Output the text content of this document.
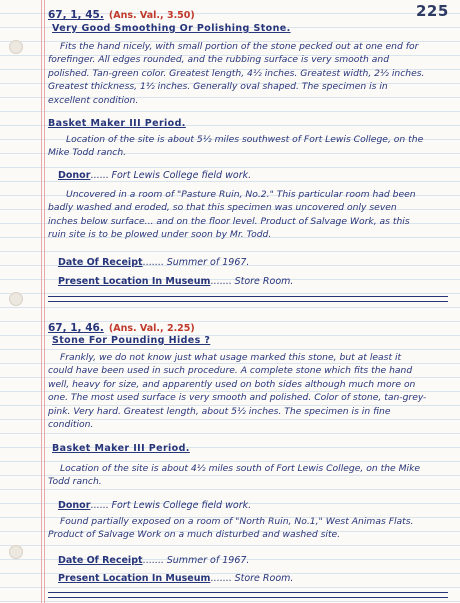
225
67, 1, 45. (Ans. Val., 3.50)
Very Good Smoothing Or Polishing Stone.
Fits the hand nicely, with small portion of the stone pecked out at one end for forefinger. All edges rounded, and the rubbing surface is very smooth and polished. Tan-green color. Greatest length, 4½ inches. Greatest width, 2½ inches. Greatest thickness, 1½ inches. Generally oval shaped. The specimen is in excellent condition.
Basket Maker III Period.
Location of the site is about 5½ miles southwest of Fort Lewis College, on the Mike Todd ranch.
Donor...... Fort Lewis College field work.
Uncovered in a room of "Pasture Ruin, No.2." This particular room had been badly washed and eroded, so that this specimen was uncovered only seven inches below surface... and on the floor level. Product of Salvage Work, as this ruin site is to be plowed under soon by Mr. Todd.
Date Of Receipt....... Summer of 1967.
Present Location In Museum....... Store Room.
67, 1, 46. (Ans. Val., 2.25)
Stone For Pounding Hides ?
Frankly, we do not know just what usage marked this stone, but at least it could have been used in such procedure. A complete stone which fits the hand well, heavy for size, and apparently used on both sides although much more on one. The most used surface is very smooth and polished. Color of stone, tan-grey-pink. Very hard. Greatest length, about 5½ inches. The specimen is in fine condition.
Basket Maker III Period.
Location of the site is about 4½ miles south of Fort Lewis College, on the Mike Todd ranch.
Donor...... Fort Lewis College field work.
Found partially exposed on a room of "North Ruin, No.1," West Animas Flats. Product of Salvage Work on a much disturbed and washed site.
Date Of Receipt....... Summer of 1967.
Present Location In Museum....... Store Room.
